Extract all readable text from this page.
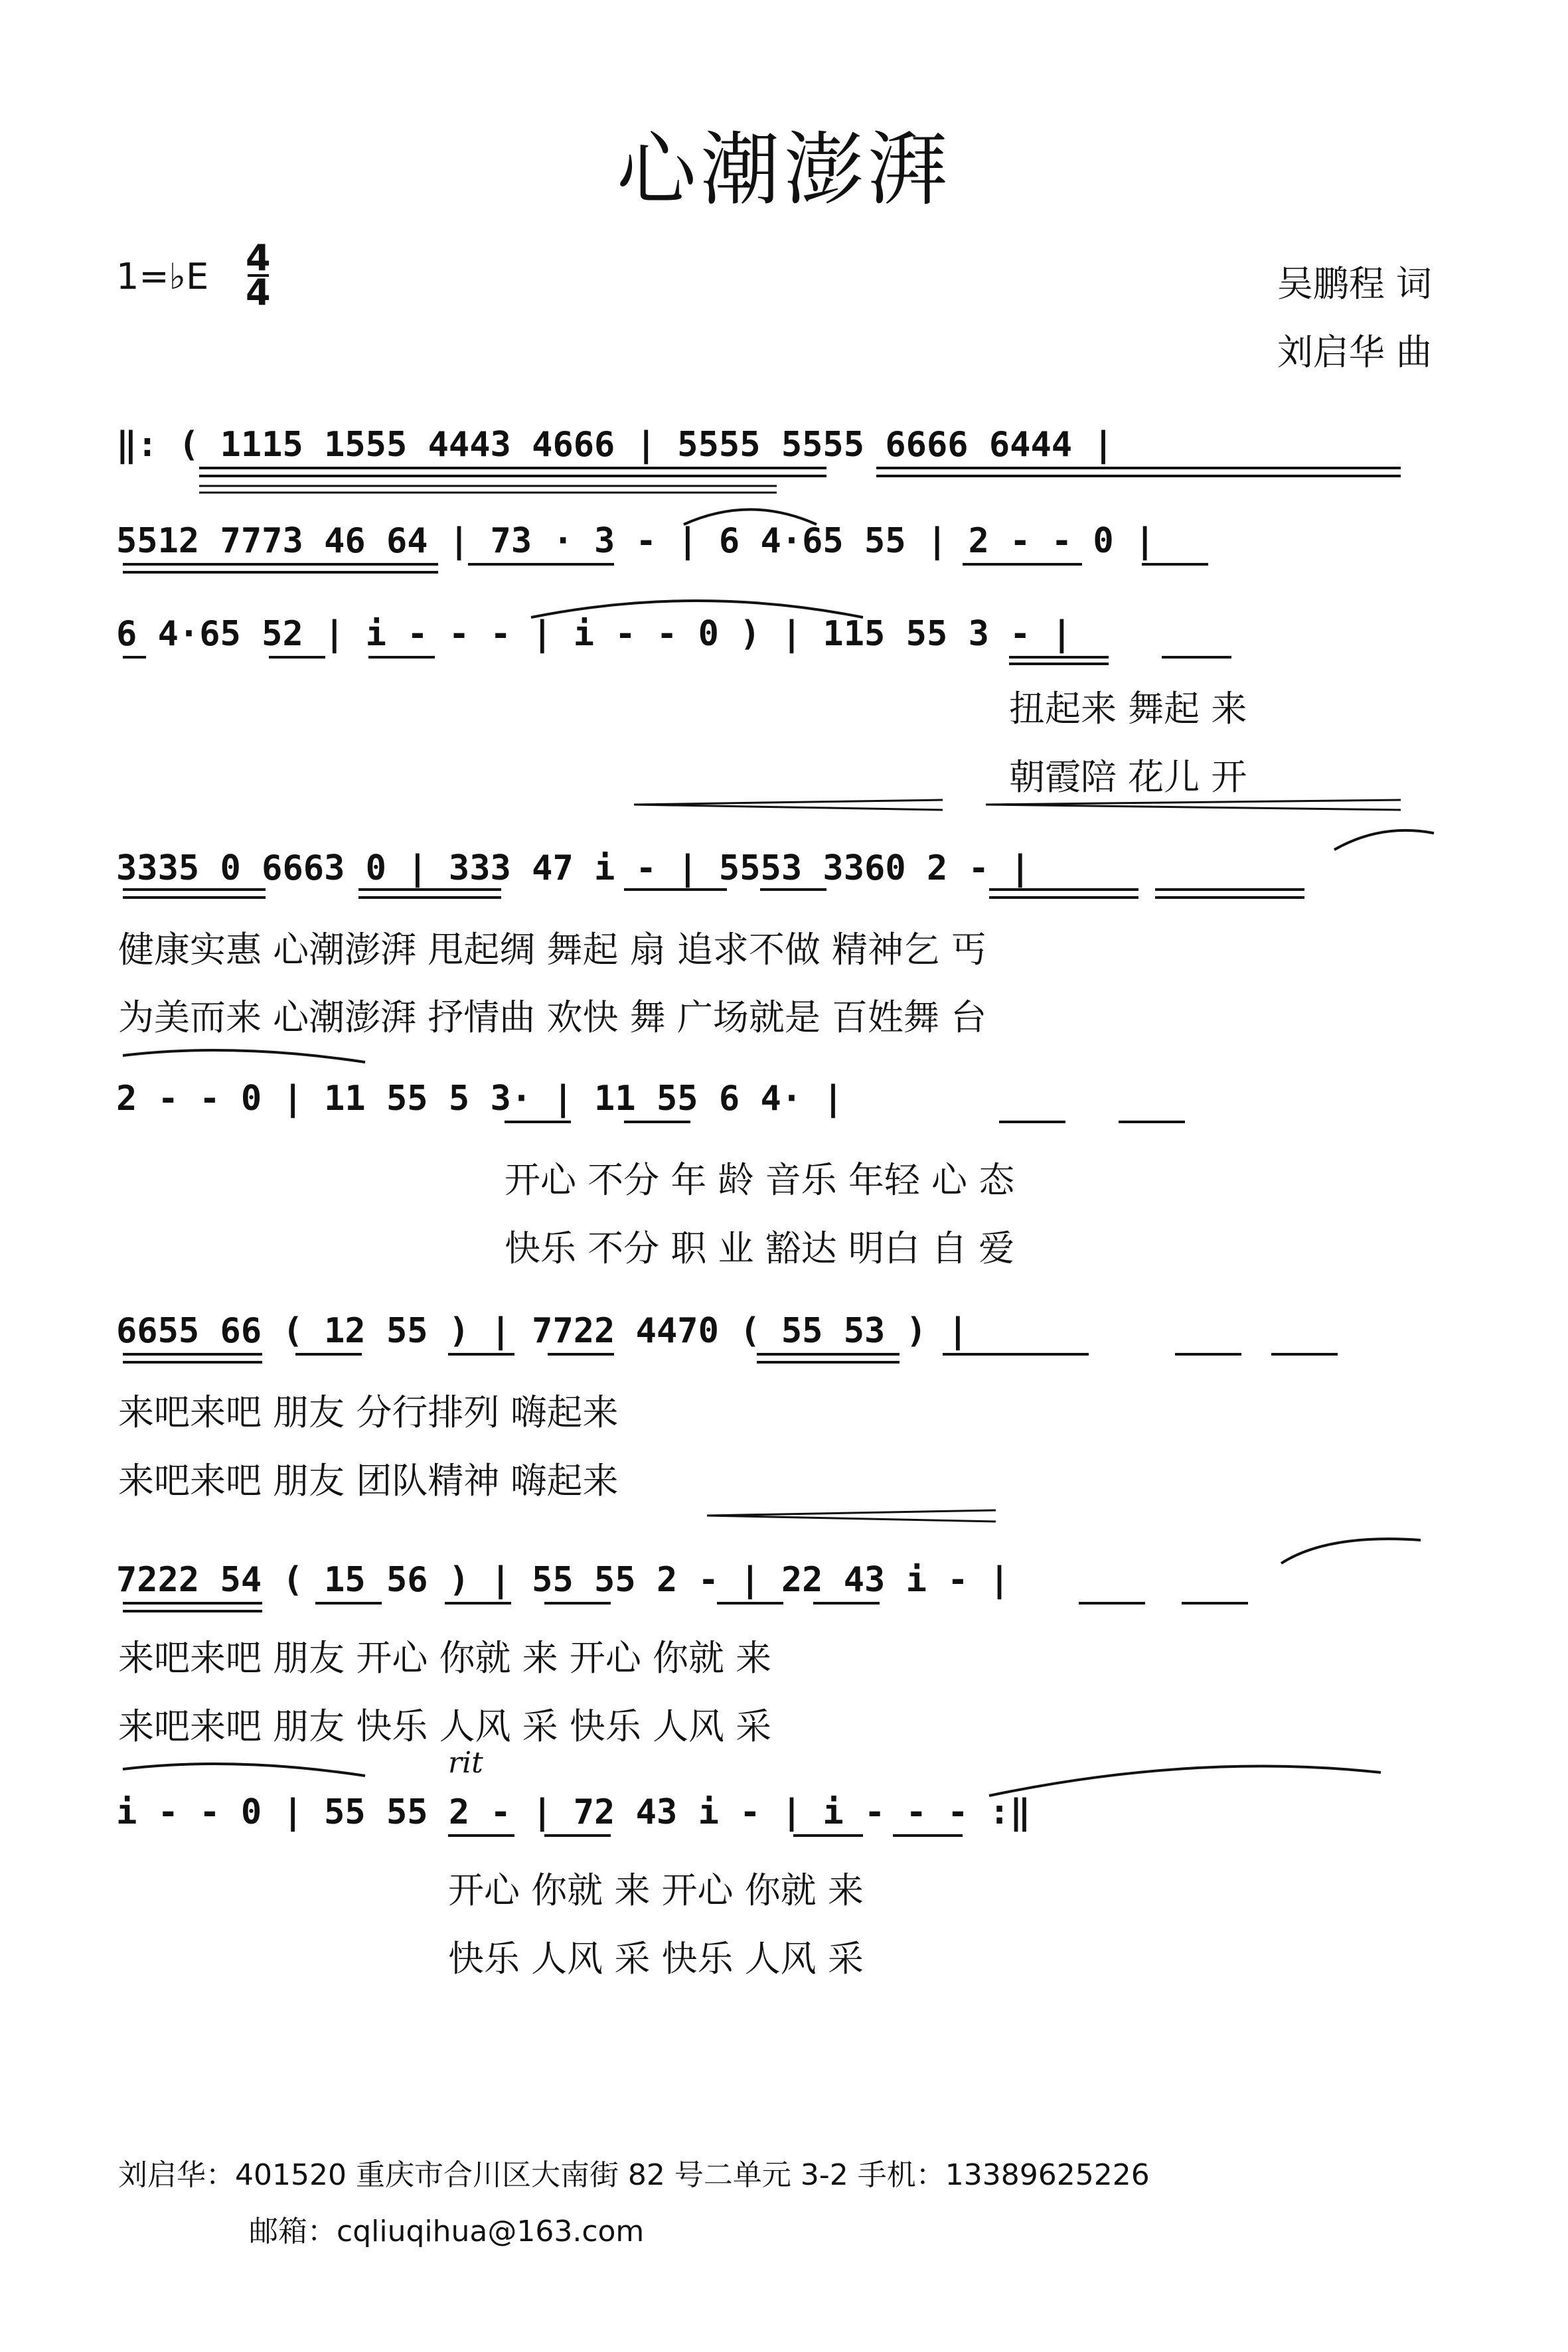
心潮澎湃
1=♭E 4
4	吴鹏程 词
刘启华 曲
‖: ( 1115 1555 4443 4666 | 5555 5555 6666 6444 |
5512 7773 46 64 | 73 · 3 - | 6 4·65 55 | 2 - - 0 |
6 4·65 52 | i - - - | i - - 0 ) | 115 55 3 - |
扭起来 舞起 来
朝霞陪 花儿 开
3335 0 6663 0 | 333 47 i - | 5553 3360 2 - |
健康实惠 心潮澎湃 甩起绸 舞起 扇 追求不做 精神乞 丐
为美而来 心潮澎湃 抒情曲 欢快 舞 广场就是 百姓舞 台
2 - - 0 | 11 55 5 3· | 11 55 6 4· |
开心 不分 年 龄 音乐 年轻 心 态
快乐 不分 职 业 豁达 明白 自 爱
6655 66 ( 12 55 ) | 7722 4470 ( 55 53 ) |
来吧来吧 朋友 分行排列 嗨起来
来吧来吧 朋友 团队精神 嗨起来
7222 54 ( 15 56 ) | 55 55 2 - | 22 43 i - |
来吧来吧 朋友 开心 你就 来 开心 你就 来
来吧来吧 朋友 快乐 人风 采 快乐 人风 采
rit
i - - 0 | 55 55 2 - | 72 43 i - | i - - - :‖
开心 你就 来 开心 你就 来
快乐 人风 采 快乐 人风 采
刘启华：401520 重庆市合川区大南街 82 号二单元 3-2 手机：13389625226
邮箱：cqliuqihua@163.com
